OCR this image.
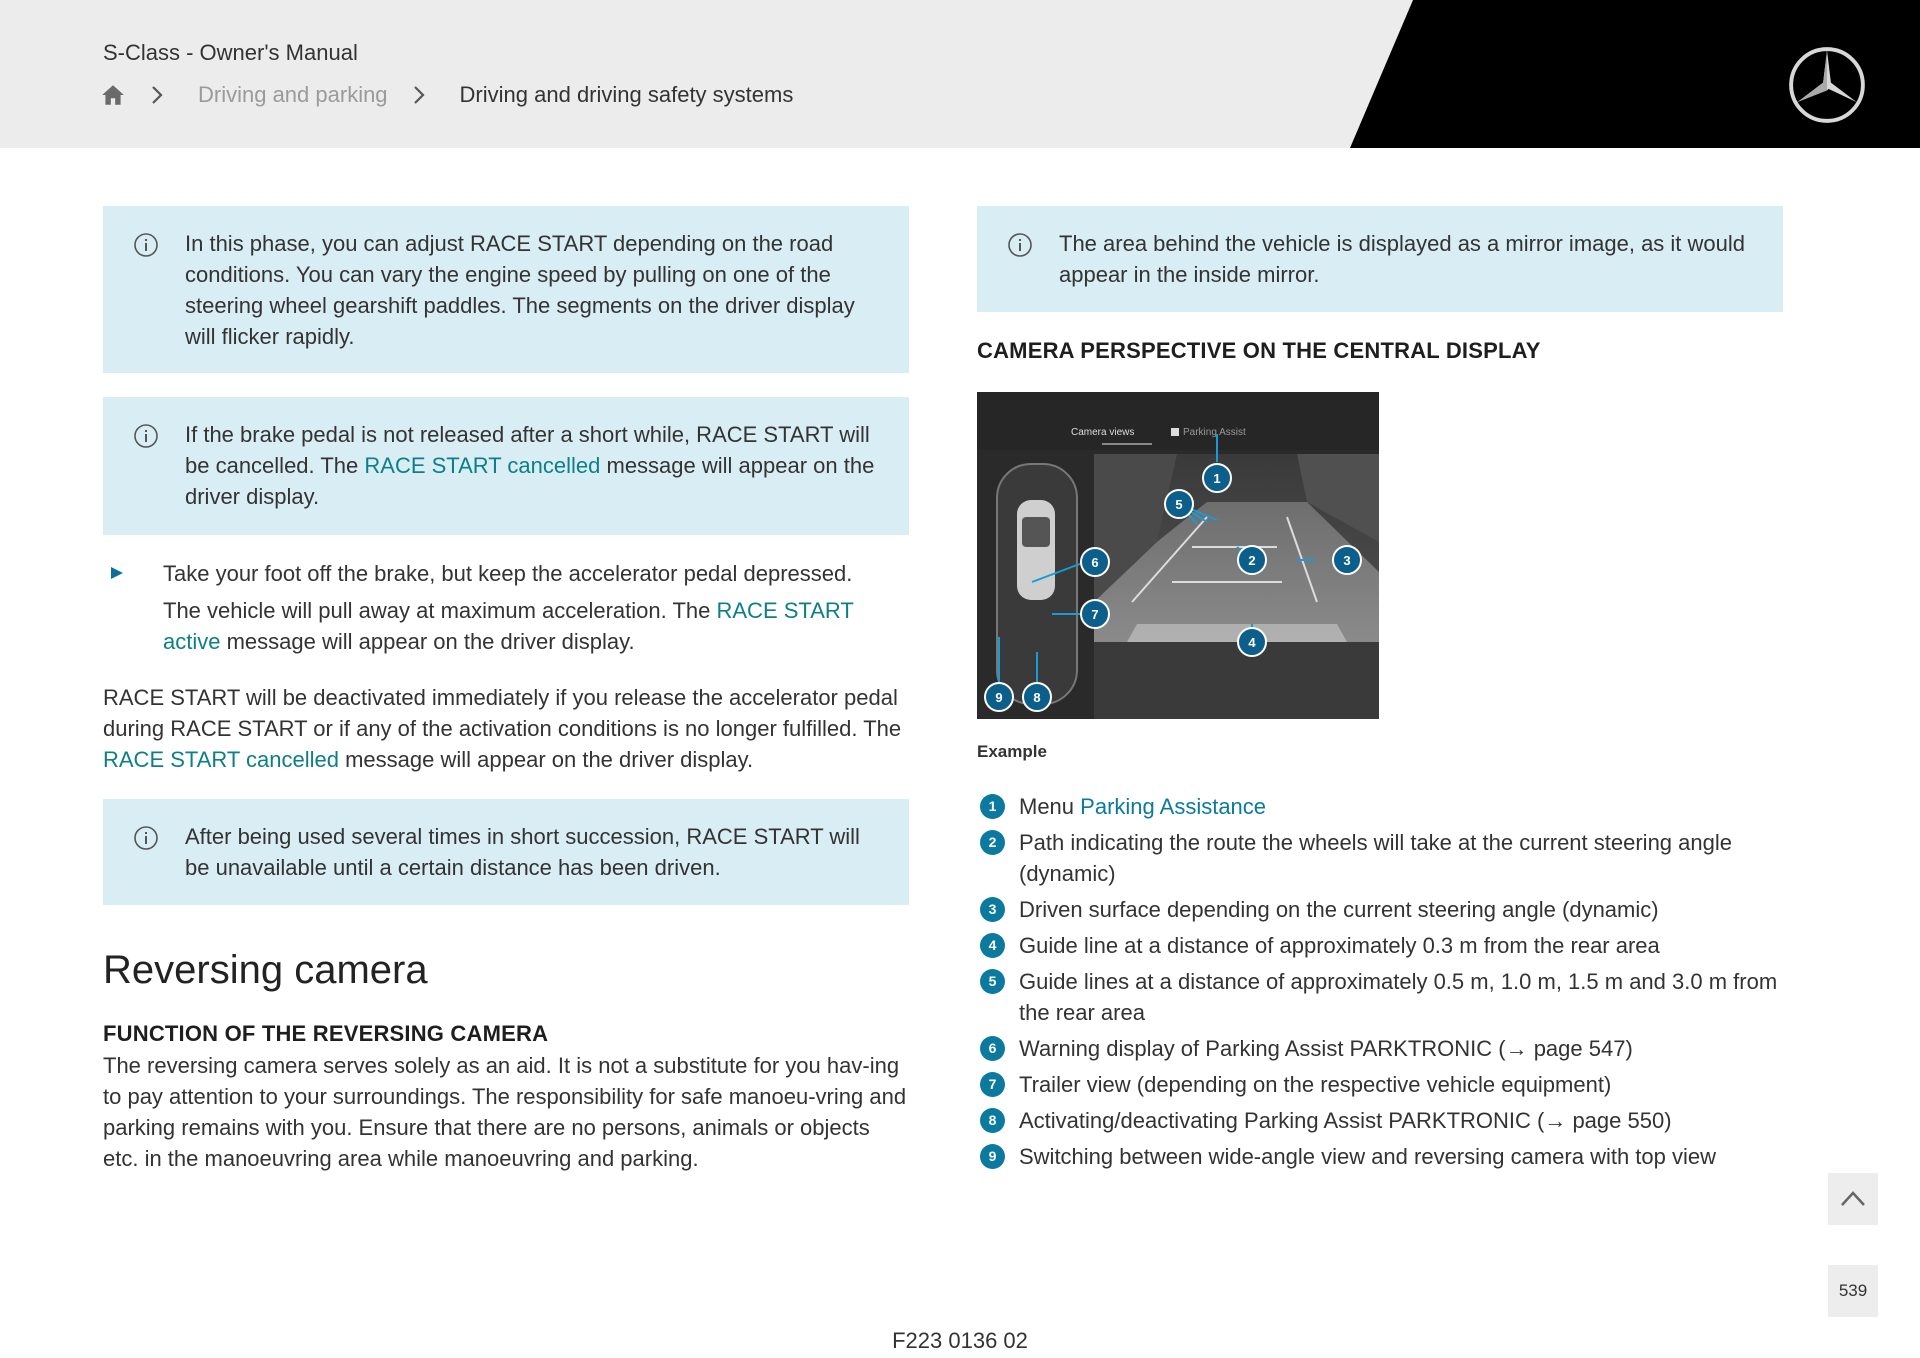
S-Class - Owner's Manual
Driving and parking	Driving and driving safety systems
In this phase, you can adjust RACE START depending on the road conditions. You can vary the engine speed by pulling on one of the steering wheel gearshift paddles. The segments on the driver display will flicker rapidly.
If the brake pedal is not released after a short while, RACE START will be cancelled. The RACE START cancelled message will appear on the driver display.
Take your foot off the brake, but keep the accelerator pedal depressed.
The vehicle will pull away at maximum acceleration. The RACE START active message will appear on the driver display.
RACE START will be deactivated immediately if you release the accelerator pedal during RACE START or if any of the activation conditions is no longer fulfilled. The RACE START cancelled message will appear on the driver display.
After being used several times in short succession, RACE START will be unavailable until a certain distance has been driven.
Reversing camera
FUNCTION OF THE REVERSING CAMERA
The reversing camera serves solely as an aid. It is not a substitute for you hav-ing to pay attention to your surroundings. The responsibility for safe manoeu-vring and parking remains with you. Ensure that there are no persons, animals or objects etc. in the manoeuvring area while manoeuvring and parking.
The area behind the vehicle is displayed as a mirror image, as it would appear in the inside mirror.
CAMERA PERSPECTIVE ON THE CENTRAL DISPLAY
Camera views	Parking Assist
1
5
2	3
4
6
7
9 8
Example
1	Menu Parking Assistance
2	Path indicating the route the wheels will take at the current steering angle (dynamic)
3	Driven surface depending on the current steering angle (dynamic)
4	Guide line at a distance of approximately 0.3 m from the rear area
5	Guide lines at a distance of approximately 0.5 m, 1.0 m, 1.5 m and 3.0 m from the rear area
6	Warning display of Parking Assist PARKTRONIC (→ page 547)
7	Trailer view (depending on the respective vehicle equipment)
8	Activating/deactivating Parking Assist PARKTRONIC (→ page 550)
9	Switching between wide-angle view and reversing camera with top view
539
F223 0136 02
